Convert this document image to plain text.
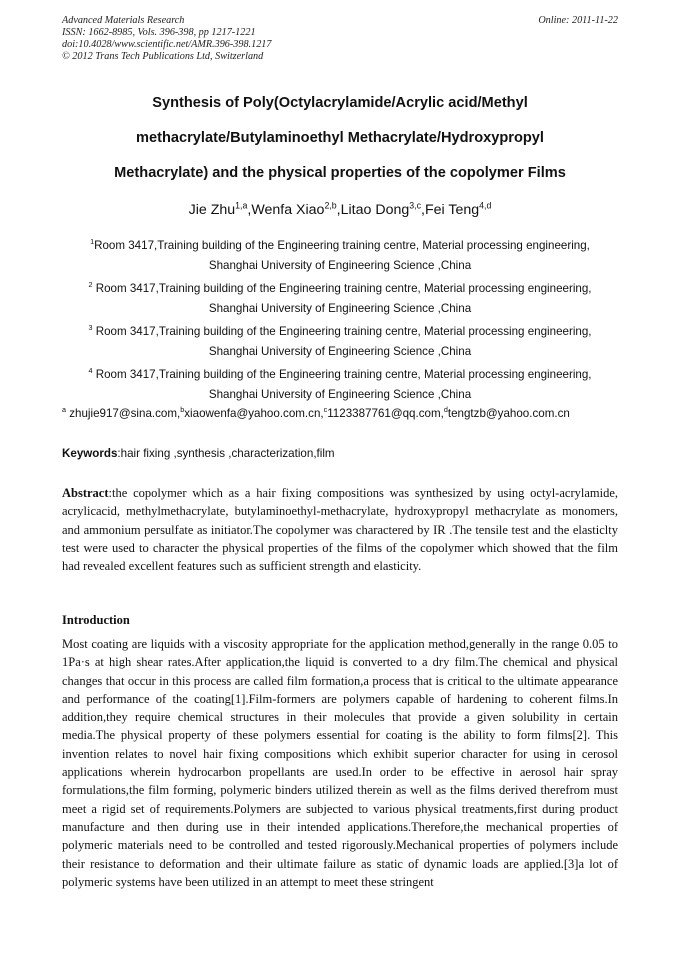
Advanced Materials Research	Online: 2011-11-22
ISSN: 1662-8985, Vols. 396-398, pp 1217-1221
doi:10.4028/www.scientific.net/AMR.396-398.1217
© 2012 Trans Tech Publications Ltd, Switzerland
Synthesis of Poly(Octylacrylamide/Acrylic acid/Methyl
methacrylate/Butylaminoethyl Methacrylate/Hydroxypropyl
Methacrylate) and the physical properties of the copolymer Films
Jie Zhu$^{1,a}$,Wenfa Xiao$^{2,b}$,Litao Dong$^{3,c}$,Fei Teng$^{4,d}$
$^1$Room 3417,Training building of the Engineering training centre, Material processing engineering,
Shanghai University of Engineering Science ,China
$^2$ Room 3417,Training building of the Engineering training centre, Material processing engineering,
Shanghai University of Engineering Science ,China
$^3$ Room 3417,Training building of the Engineering training centre, Material processing engineering,
Shanghai University of Engineering Science ,China
$^4$ Room 3417,Training building of the Engineering training centre, Material processing engineering,
Shanghai University of Engineering Science ,China
$^a$ zhujie917@sina.com,$^b$xiaowenfa@yahoo.com.cn,$^c$1123387761@qq.com,$^d$tengtzb@yahoo.com.cn
Keywords:hair fixing ,synthesis ,characterization,film
Abstract:the copolymer which as a hair fixing compositions was synthesized by using octyl-acrylamide, acrylicacid, methylmethacrylate, butylaminoethyl-methacrylate, hydroxypropyl methacrylate as monomers, and ammonium persulfate as initiator.The copolymer was charactered by IR .The tensile test and the elasticlty test were used to character the physical properties of the films of the copolymer which showed that the film had revealed excellent features such as sufficient strength and elasticity.
Introduction
Most coating are liquids with a viscosity appropriate for the application method,generally in the range 0.05 to 1Pa·s at high shear rates.After application,the liquid is converted to a dry film.The chemical and physical changes that occur in this process are called film formation,a process that is critical to the ultimate appearance and performance of the coating[1].Film-formers are polymers capable of hardening to coherent films.In addition,they require chemical structures in their molecules that provide a given solubility in certain media.The physical property of these polymers essential for coating is the ability to form films[2]. This invention relates to novel hair fixing compositions which exhibit superior character for using in cerosol applications wherein hydrocarbon propellants are used.In order to be effective in aerosol hair spray formulations,the film forming, polymeric binders utilized therein as well as the films derived therefrom must meet a rigid set of requirements.Polymers are subjected to various physical treatments,first during product manufacture and then during use in their intended applications.Therefore,the mechanical properties of polymeric materials need to be controlled and tested rigorously.Mechanical properties of polymers include their resistance to deformation and their ultimate failure as static of dynamic loads are applied.[3]a lot of polymeric systems have been utilized in an attempt to meet these stringent
